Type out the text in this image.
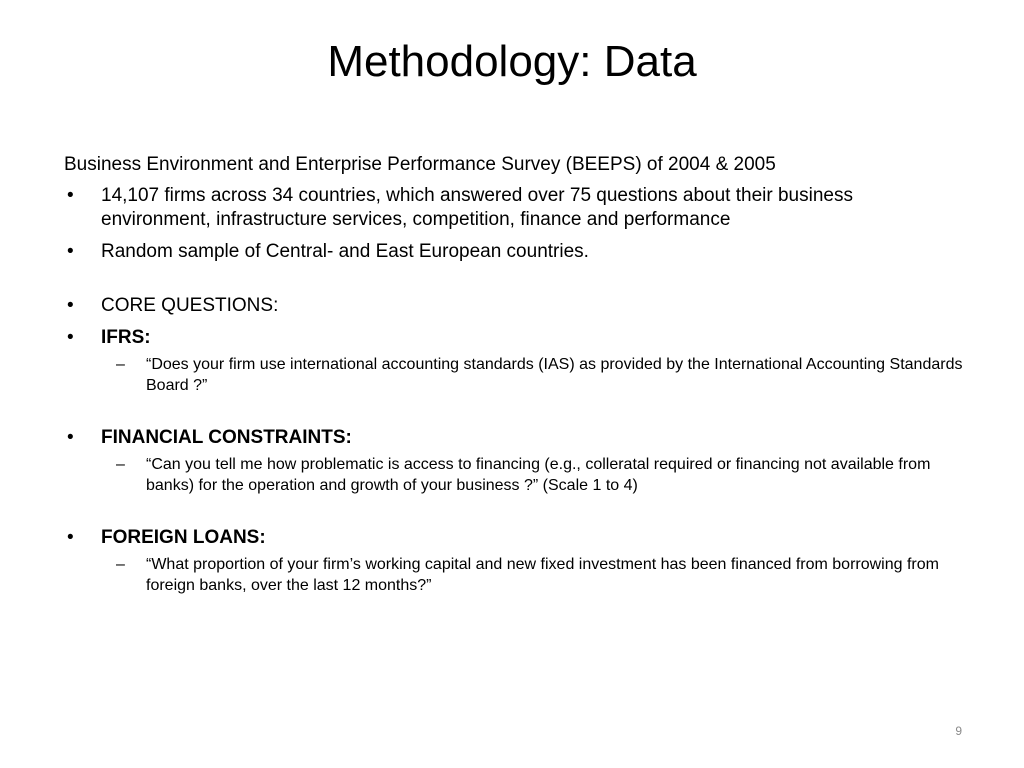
Methodology: Data

Business Environment and Enterprise Performance Survey (BEEPS) of 2004 & 2005

• 14,107 firms across 34 countries, which answered over 75 questions about their business environment, infrastructure services, competition, finance and performance
• Random sample of Central- and East European countries.
• CORE QUESTIONS:
• IFRS:
– “Does your firm use international accounting standards (IAS) as provided by the International Accounting Standards Board ?”
• FINANCIAL CONSTRAINTS:
– “Can you tell me how problematic is access to financing (e.g., colleratal required or financing not available from banks) for the operation and growth of your business ?” (Scale 1 to 4)
• FOREIGN LOANS:
– “What proportion of your firm’s working capital and new fixed investment has been financed from borrowing from foreign banks, over the last 12 months?”
9
